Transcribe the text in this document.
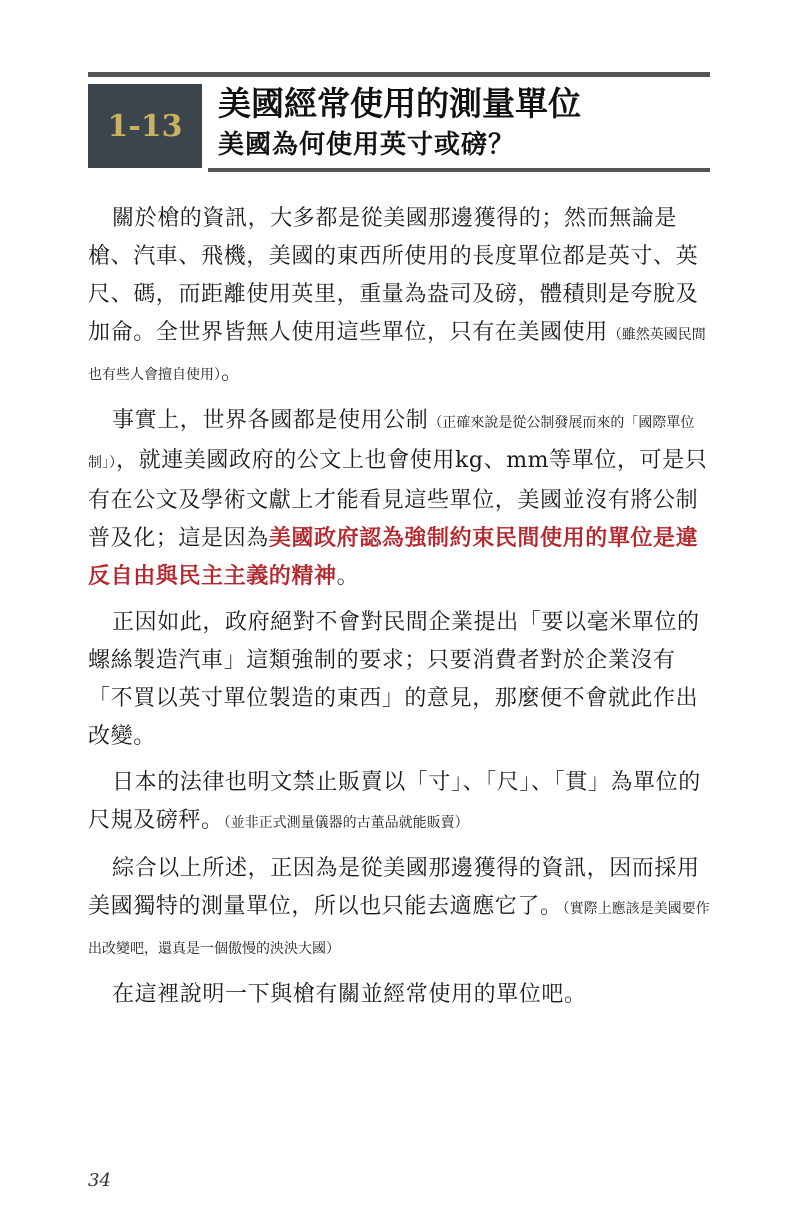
1-13
美國經常使用的測量單位
美國為何使用英寸或磅？

關於槍的資訊，大多都是從美國那邊獲得的；然而無論是槍、汽車、飛機，美國的東西所使用的長度單位都是英寸、英尺、碼，而距離使用英里，重量為盎司及磅，體積則是夸脫及加侖。全世界皆無人使用這些單位，只有在美國使用（雖然英國民間也有些人會擅自使用）。

事實上，世界各國都是使用公制（正確來說是從公制發展而來的「國際單位制」），就連美國政府的公文上也會使用kg、mm等單位，可是只有在公文及學術文獻上才能看見這些單位，美國並沒有將公制普及化；這是因為美國政府認為強制約束民間使用的單位是違反自由與民主主義的精神。

正因如此，政府絕對不會對民間企業提出「要以毫米單位的螺絲製造汽車」這類強制的要求；只要消費者對於企業沒有「不買以英寸單位製造的東西」的意見，那麼便不會就此作出改變。

日本的法律也明文禁止販賣以「寸」、「尺」、「貫」為單位的尺規及磅秤。（並非正式測量儀器的古董品就能販賣）

綜合以上所述，正因為是從美國那邊獲得的資訊，因而採用美國獨特的測量單位，所以也只能去適應它了。（實際上應該是美國要作出改變吧，還真是一個傲慢的泱泱大國）

在這裡說明一下與槍有關並經常使用的單位吧。

34
